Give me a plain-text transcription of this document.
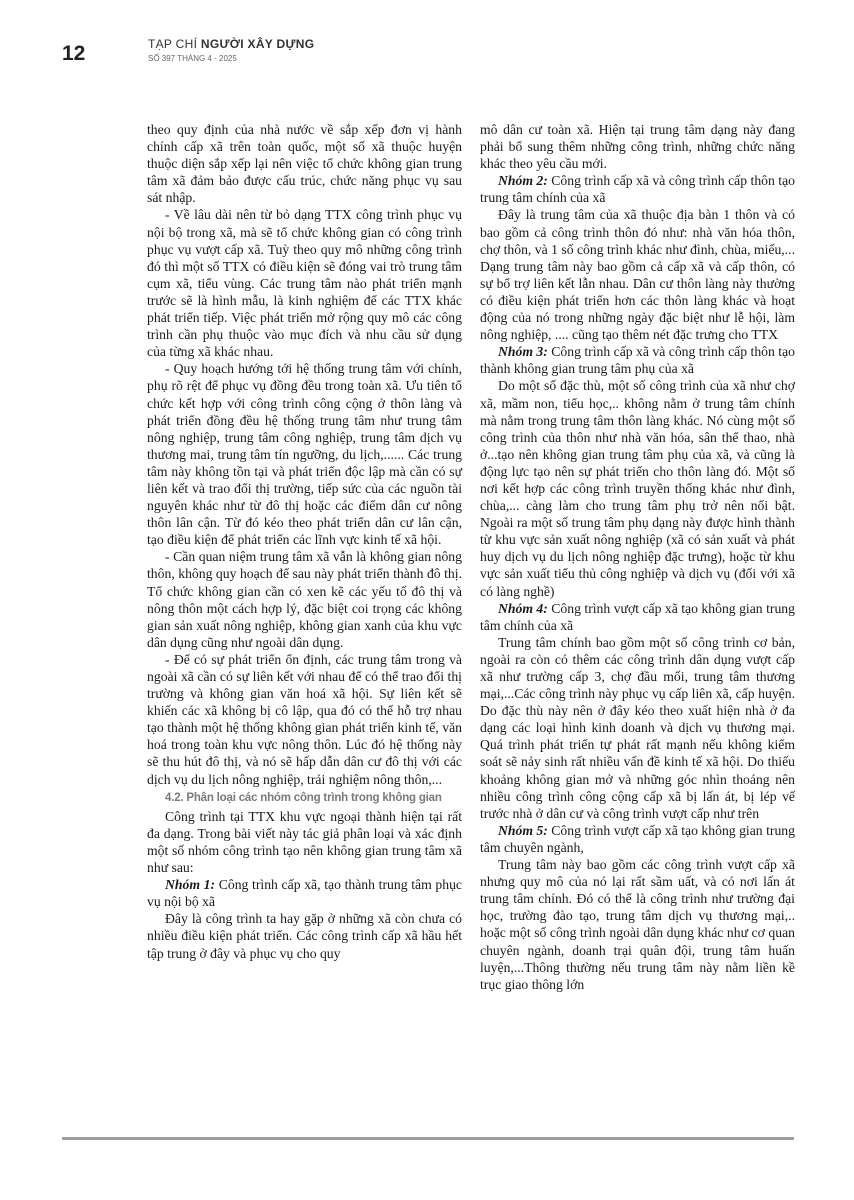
12	TẠP CHÍ NGƯỜI XÂY DỰNG
SỐ 397 THÁNG 4 - 2025

theo quy định của nhà nước về sắp xếp đơn vị hành chính cấp xã trên toàn quốc, một số xã thuộc huyện thuộc diện sắp xếp lại nên việc tổ chức không gian trung tâm xã đảm bảo được cấu trúc, chức năng phục vụ sau sát nhập.

- Về lâu dài nên từ bỏ dạng TTX công trình phục vụ nội bộ trong xã, mà sẽ tổ chức không gian có công trình phục vụ vượt cấp xã. Tuỳ theo quy mô những công trình đó thì một số TTX có điều kiện sẽ đóng vai trò trung tâm cụm xã, tiểu vùng. Các trung tâm nào phát triển mạnh trước sẽ là hình mẫu, là kinh nghiệm để các TTX khác phát triển tiếp. Việc phát triển mở rộng quy mô các công trình cần phụ thuộc vào mục đích và nhu cầu sử dụng của từng xã khác nhau.

- Quy hoạch hướng tới hệ thống trung tâm với chính, phụ rõ rệt để phục vụ đồng đều trong toàn xã. Ưu tiên tổ chức kết hợp với công trình công cộng ở thôn làng và phát triển đồng đều hệ thống trung tâm như trung tâm nông nghiệp, trung tâm công nghiệp, trung tâm dịch vụ thương mai, trung tâm tín ngưỡng, du lịch,...... Các trung tâm này không tồn tại và phát triển độc lập mà cần có sự liên kết và trao đổi thị trường, tiếp sức của các nguồn tài nguyên khác như từ đô thị hoặc các điểm dân cư nông thôn lân cận. Từ đó kéo theo phát triển dân cư lân cận, tạo điều kiện để phát triển các lĩnh vực kinh tế xã hội.

- Cần quan niệm trung tâm xã vẫn là không gian nông thôn, không quy hoạch để sau này phát triển thành đô thị. Tổ chức không gian cần có xen kẽ các yếu tố đô thị và nông thôn một cách hợp lý, đặc biệt coi trọng các không gian sản xuất nông nghiệp, không gian xanh của khu vực dân dụng cũng như ngoài dân dụng.

- Để có sự phát triển ổn định, các trung tâm trong và ngoài xã cần có sự liên kết với nhau để có thể trao đổi thị trường và không gian văn hoá xã hội. Sự liên kết sẽ khiến các xã không bị cô lập, qua đó có thể hỗ trợ nhau tạo thành một hệ thống không gian phát triển kinh tế, văn hoá trong toàn khu vực nông thôn. Lúc đó hệ thống này sẽ thu hút đô thị, và nó sẽ hấp dẫn dân cư đô thị với các dịch vụ du lịch nông nghiệp, trải nghiệm nông thôn,...

4.2. Phân loại các nhóm công trình trong không gian

Công trình tại TTX khu vực ngoại thành hiện tại rất đa dạng. Trong bài viết này tác giả phân loại và xác định một số nhóm công trình tạo nên không gian trung tâm xã như sau:

Nhóm 1: Công trình cấp xã, tạo thành trung tâm phục vụ nội bộ xã

Đây là công trình ta hay gặp ở những xã còn chưa có nhiều điều kiện phát triển. Các công trình cấp xã hầu hết tập trung ở đây và phục vụ cho quy

mô dân cư toàn xã. Hiện tại trung tâm dạng này đang phải bổ sung thêm những công trình, những chức năng khác theo yêu cầu mới.

Nhóm 2: Công trình cấp xã và công trình cấp thôn tạo trung tâm chính của xã

Đây là trung tâm của xã thuộc địa bàn 1 thôn và có bao gồm cả công trình thôn đó như: nhà văn hóa thôn, chợ thôn, và 1 số công trình khác như đình, chùa, miếu,... Dạng trung tâm này bao gồm cả cấp xã và cấp thôn, có sự bổ trợ liên kết lẫn nhau. Dân cư thôn làng này thường có điều kiện phát triển hơn các thôn làng khác và hoạt động của nó trong những ngày đặc biệt như lễ hội, làm nông nghiệp, .... cũng tạo thêm nét đặc trưng cho TTX

Nhóm 3: Công trình cấp xã và công trình cấp thôn tạo thành không gian trung tâm phụ của xã

Do một số đặc thù, một số công trình của xã như chợ xã, mầm non, tiểu học,.. không nằm ở trung tâm chính mà nằm trong trung tâm thôn làng khác. Nó cùng một số công trình của thôn như nhà văn hóa, sân thể thao, nhà ở...tạo nên không gian trung tâm phụ của xã, và cũng là động lực tạo nên sự phát triển cho thôn làng đó. Một số nơi kết hợp các công trình truyền thống khác như đình, chùa,... càng làm cho trung tâm phụ trở nên nổi bật. Ngoài ra một số trung tâm phụ dạng này được hình thành từ khu vực sản xuất nông nghiệp (xã có sản xuất và phát huy dịch vụ du lịch nông nghiệp đặc trưng), hoặc từ khu vực sản xuất tiểu thủ công nghiệp và dịch vụ (đối với xã có làng nghề)

Nhóm 4: Công trình vượt cấp xã tạo không gian trung tâm chính của xã

Trung tâm chính bao gồm một số công trình cơ bản, ngoài ra còn có thêm các công trình dân dụng vượt cấp xã như trường cấp 3, chợ đầu mối, trung tâm thương mại,...Các công trình này phục vụ cấp liên xã, cấp huyện. Do đặc thù này nên ở đây kéo theo xuất hiện nhà ở đa dạng các loại hình kinh doanh và dịch vụ thương mại. Quá trình phát triển tự phát rất mạnh nếu không kiểm soát sẽ nảy sinh rất nhiều vấn đề kinh tế xã hội. Do thiếu khoảng không gian mở và những góc nhìn thoáng nên nhiều công trình công cộng cấp xã bị lấn át, bị lép vế trước nhà ở dân cư và công trình vượt cấp như trên

Nhóm 5: Công trình vượt cấp xã tạo không gian trung tâm chuyên ngành,

Trung tâm này bao gồm các công trình vượt cấp xã nhưng quy mô của nó lại rất sầm uất, và có nơi lấn át trung tâm chính. Đó có thể là công trình như trường đại học, trường đào tạo, trung tâm dịch vụ thương mại,.. hoặc một số công trình ngoài dân dụng khác như cơ quan chuyên ngành, doanh trại quân đội, trung tâm huấn luyện,...Thông thường nếu trung tâm này nằm liền kề trục giao thông lớn
